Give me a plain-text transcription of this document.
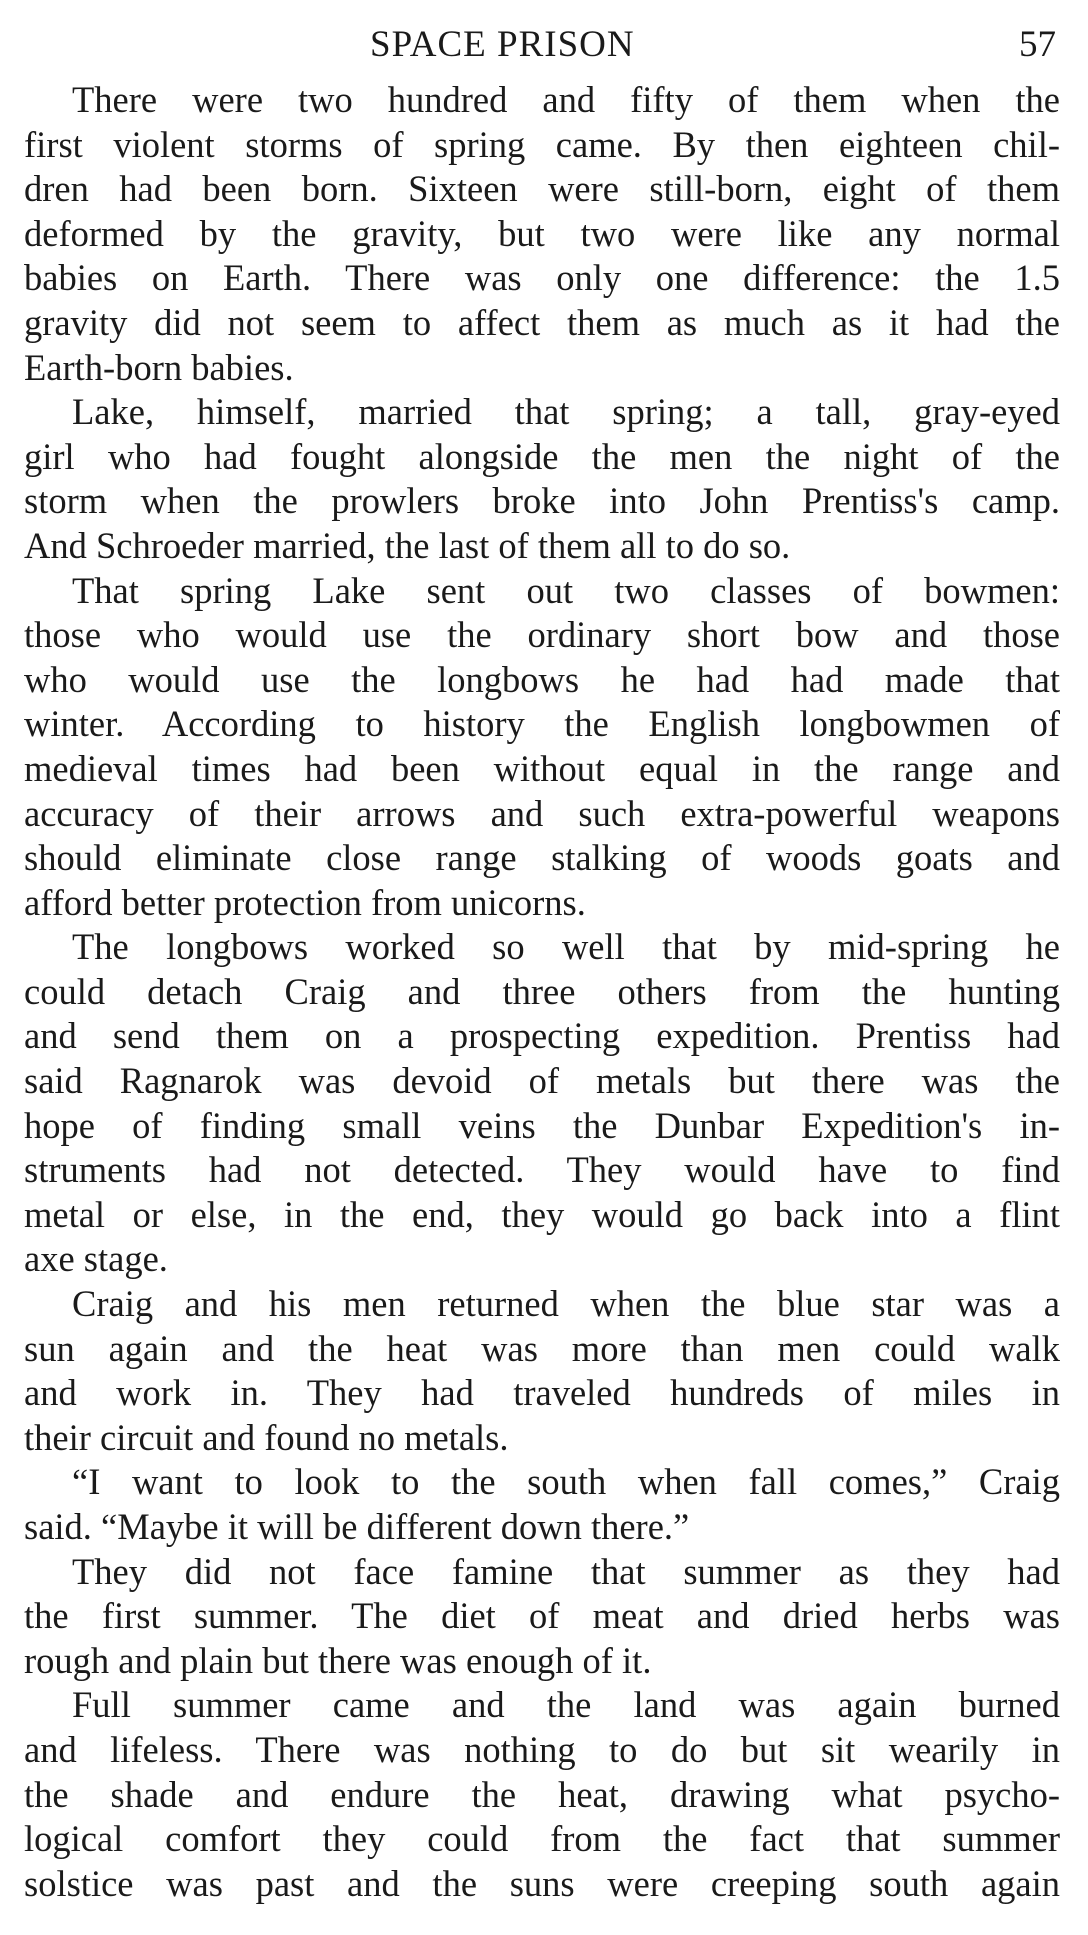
SPACE PRISON	57
There were two hundred and fifty of them when the
first violent storms of spring came. By then eighteen chil-
dren had been born. Sixteen were still-born, eight of them
deformed by the gravity, but two were like any normal
babies on Earth. There was only one difference: the 1.5
gravity did not seem to affect them as much as it had the
Earth-born babies.
Lake, himself, married that spring; a tall, gray-eyed
girl who had fought alongside the men the night of the
storm when the prowlers broke into John Prentiss's camp.
And Schroeder married, the last of them all to do so.
That spring Lake sent out two classes of bowmen:
those who would use the ordinary short bow and those
who would use the longbows he had had made that
winter. According to history the English longbowmen of
medieval times had been without equal in the range and
accuracy of their arrows and such extra-powerful weapons
should eliminate close range stalking of woods goats and
afford better protection from unicorns.
The longbows worked so well that by mid-spring he
could detach Craig and three others from the hunting
and send them on a prospecting expedition. Prentiss had
said Ragnarok was devoid of metals but there was the
hope of finding small veins the Dunbar Expedition's in-
struments had not detected. They would have to find
metal or else, in the end, they would go back into a flint
axe stage.
Craig and his men returned when the blue star was a
sun again and the heat was more than men could walk
and work in. They had traveled hundreds of miles in
their circuit and found no metals.
“I want to look to the south when fall comes,” Craig
said. “Maybe it will be different down there.”
They did not face famine that summer as they had
the first summer. The diet of meat and dried herbs was
rough and plain but there was enough of it.
Full summer came and the land was again burned
and lifeless. There was nothing to do but sit wearily in
the shade and endure the heat, drawing what psycho-
logical comfort they could from the fact that summer
solstice was past and the suns were creeping south again
